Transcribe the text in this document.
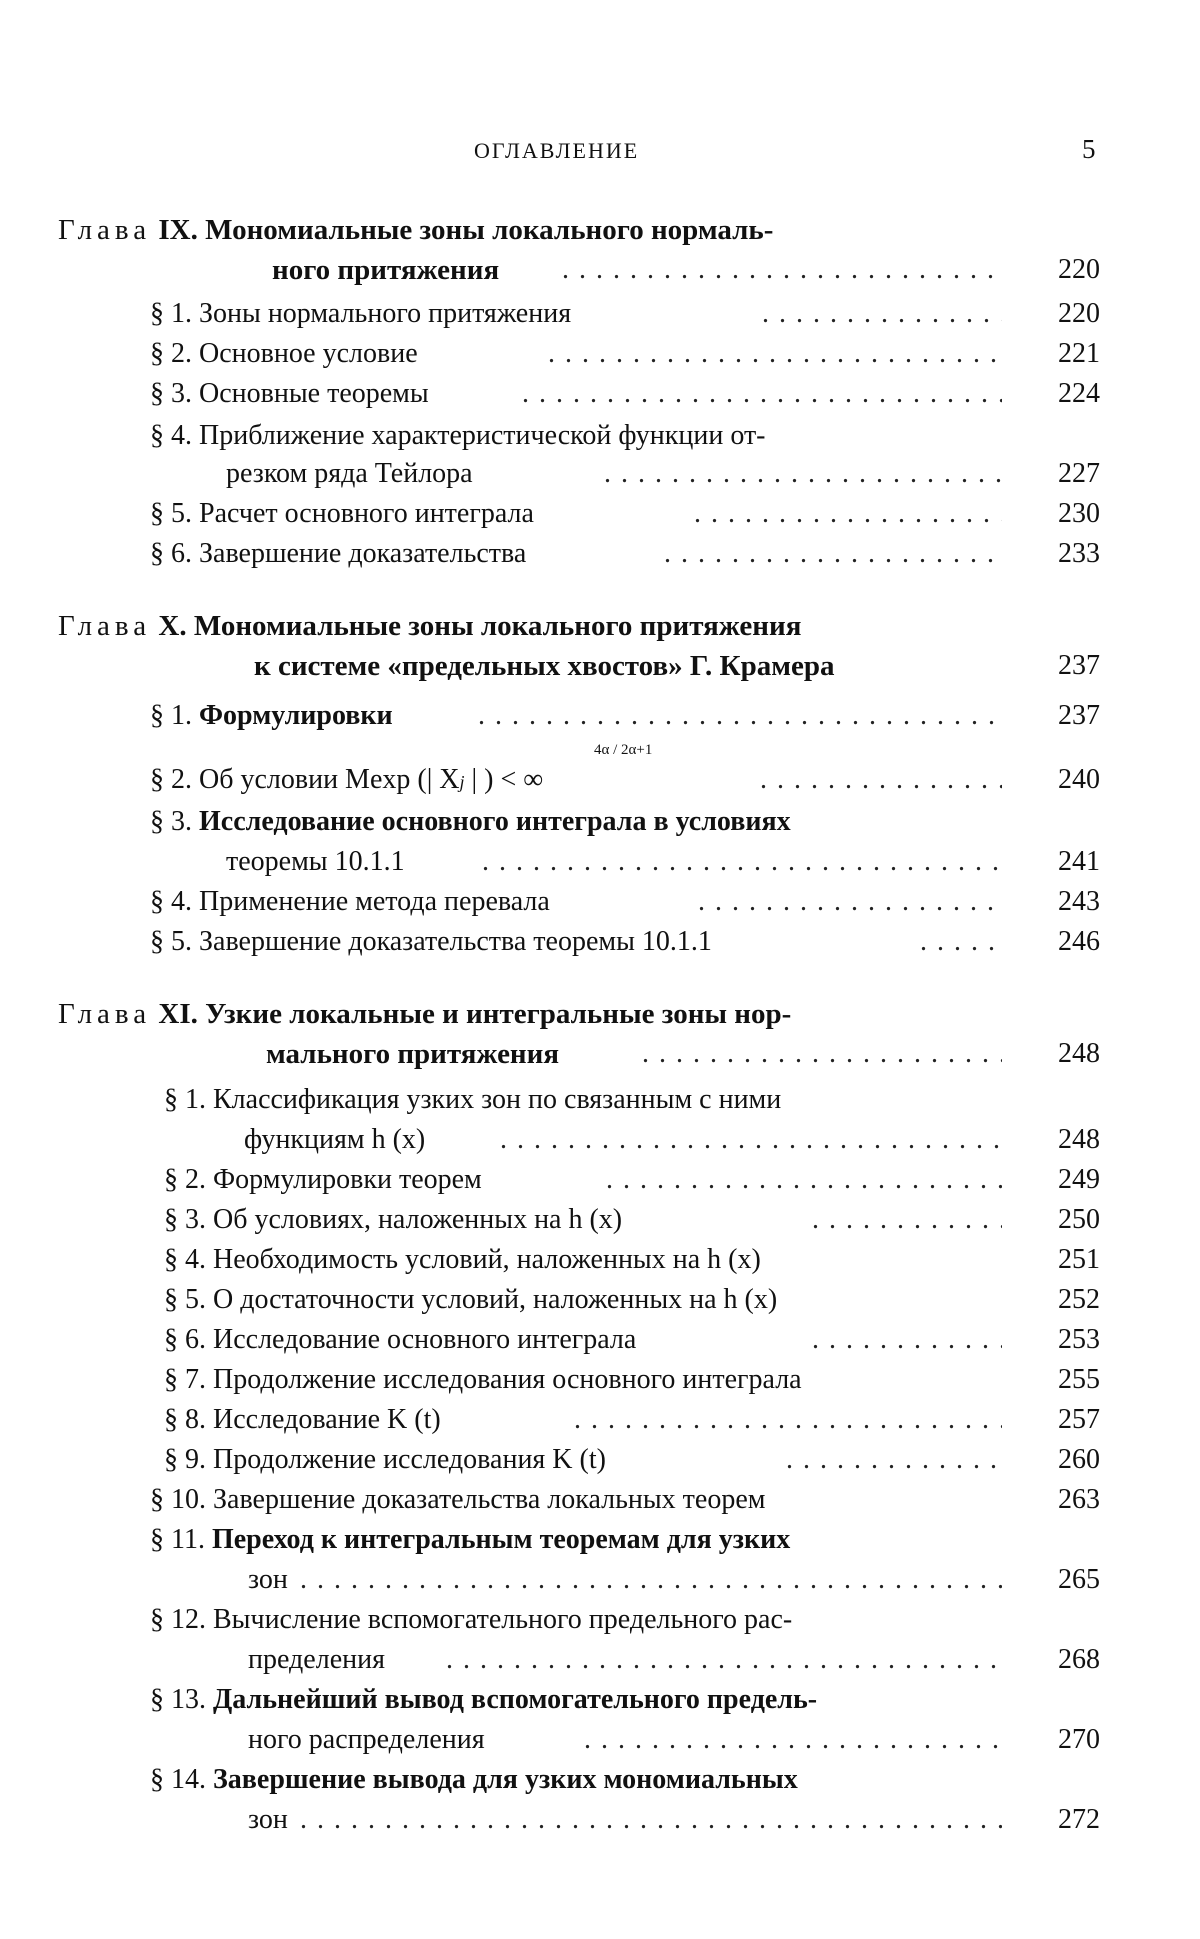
ОГЛАВЛЕНИЕ	5
Глава IX. Мономиальные зоны локального нормаль-
ного притяжения ..........................	220
§ 1. Зоны нормального притяжения	..............	220
§ 2. Основное условие	..........................	221
§ 3. Основные теоремы	............................	224
§ 4. Приближение характеристической функции от-
резком ряда Тейлора	.......................... 227
§ 5. Расчет основного интеграла	.................... 230
§ 6. Завершение доказательства	...................... 233
Глава X. Мономиальные зоны локального притяжения
к системе «предельных хвостов» Г. Крамера	237
§ 1. Формулировки	.................................. 237
§ 2. Об условии Mexp (| Xj | ) < ∞
4α / 2α+1
..............	240
§ 3. Исследование основного интеграла в условиях
теоремы 10.1.1	..............................	241
§ 4. Применение метода перевала	.................	243
§ 5. Завершение доказательства теоремы 10.1.1	.....	246
Глава XI. Узкие локальные и интегральные зоны нор-
мального притяжения	.....................	248
§ 1. Классификация узких зон по связанным с ними
функциям h (x)	................................ 248
§ 2. Формулировки теорем	.......................	249
§ 3. Об условиях, наложенных на h (x)	............	250
§ 4. Необходимость условий, наложенных на h (x)	251
§ 5. О достаточности условий, наложенных на h (x)	252
§ 6. Исследование основного интеграла	............	253
§ 7. Продолжение исследования основного интеграла	255
§ 8. Исследование K (t)	.........................	257
§ 9. Продолжение исследования K (t)	..............	260
§ 10. Завершение доказательства локальных теорем	263
§ 11. Переход к интегральным теоремам для узких
зон ............................................ 265
§ 12. Вычисление вспомогательного предельного рас-
пределения .................................... 268
§ 13. Дальнейший вывод вспомогательного предель-
ного распределения	........................... 270
§ 14. Завершение вывода для узких мономиальных
зон ............................................ 272
